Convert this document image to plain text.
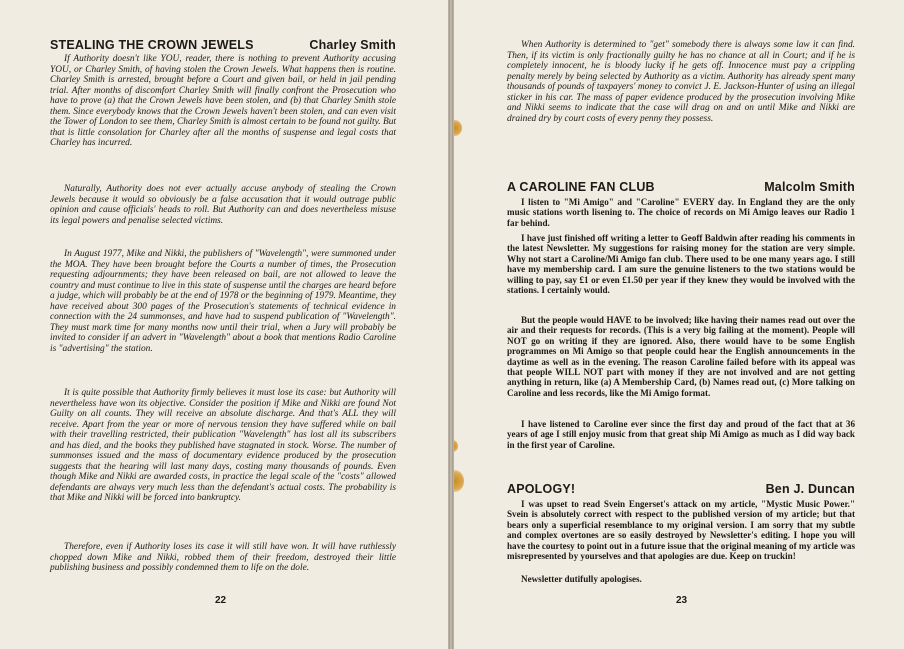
STEALING THE CROWN JEWELS	Charley Smith

If Authority doesn't like YOU, reader, there is nothing to prevent Authority accusing YOU, or Charley Smith, of having stolen the Crown Jewels. What happens then is routine. Charley Smith is arrested, brought before a Court and given bail, or held in jail pending trial. After months of discomfort Charley Smith will finally confront the Prosecution who have to prove (a) that the Crown Jewels have been stolen, and (b) that Charley Smith stole them. Since everybody knows that the Crown Jewels haven't been stolen, and can even visit the Tower of London to see them, Charley Smith is almost certain to be found not guilty. But that is little consolation for Charley after all the months of suspense and legal costs that Charley has incurred.

Naturally, Authority does not ever actually accuse anybody of stealing the Crown Jewels because it would so obviously be a false accusation that it would outrage public opinion and cause officials' heads to roll. But Authority can and does nevertheless misuse its legal powers and penalise selected victims.

In August 1977, Mike and Nikki, the publishers of "Wavelength", were summoned under the MOA. They have been brought before the Courts a number of times, the Prosecution requesting adjournments; they have been released on bail, are not allowed to leave the country and must continue to live in this state of suspense until the charges are heard before a judge, which will probably be at the end of 1978 or the beginning of 1979. Meantime, they have received about 300 pages of the Prosecution's statements of technical evidence in connection with the 24 summonses, and have had to suspend publication of "Wavelength". They must mark time for many months now until their trial, when a Jury will probably be invited to consider if an advert in "Wavelength" about a book that mentions Radio Caroline is "advertising" the station.

It is quite possible that Authority firmly believes it must lose its case: but Authority will nevertheless have won its objective. Consider the position if Mike and Nikki are found Not Guilty on all counts. They will receive an absolute discharge. And that's ALL they will receive. Apart from the year or more of nervous tension they have suffered while on bail with their travelling restricted, their publication "Wavelength" has lost all its subscribers and has died, and the books they published have stagnated in stock. Worse. The number of summonses issued and the mass of documentary evidence produced by the prosecution suggests that the hearing will last many days, costing many thousands of pounds. Even though Mike and Nikki are awarded costs, in practice the legal scale of the "costs" allowed defendants are always very much less than the defendant's actual costs. The probability is that Mike and Nikki will be forced into bankruptcy.

Therefore, even if Authority loses its case it will still have won. It will have ruthlessly chopped down Mike and Nikki, robbed them of their freedom, destroyed their little publishing business and possibly condemned them to life on the dole.

22

When Authority is determined to "get" somebody there is always some law it can find. Then, if its victim is only fractionally guilty he has no chance at all in Court; and if he is completely innocent, he is bloody lucky if he gets off. Innocence must pay a crippling penalty merely by being selected by Authority as a victim. Authority has already spent many thousands of pounds of taxpayers' money to convict J. E. Jackson-Hunter of using an illegal sticker in his car. The mass of paper evidence produced by the prosecution involving Mike and Nikki seems to indicate that the case will drag on and on until Mike and Nikki are drained dry by court costs of every penny they possess.

A CAROLINE FAN CLUB	Malcolm Smith

I listen to "Mi Amigo" and "Caroline" EVERY day. In England they are the only music stations worth lisening to. The choice of records on Mi Amigo leaves our Radio 1 far behind.

I have just finished off writing a letter to Geoff Baldwin after reading his comments in the latest Newsletter. My suggestions for raising money for the station are very simple. Why not start a Caroline/Mi Amigo fan club. There used to be one many years ago. I still have my membership card. I am sure the genuine listeners to the two stations would be willing to pay, say £1 or even £1.50 per year if they knew they would be involved with the stations. I certainly would.

But the people would HAVE to be involved; like having their names read out over the air and their requests for records. (This is a very big failing at the moment). People will NOT go on writing if they are ignored. Also, there would have to be some English programmes on Mi Amigo so that people could hear the English announcements in the daytime as well as in the evening. The reason Caroline failed before with its appeal was that people WILL NOT part with money if they are not involved and are not getting anything in return, like (a) A Membership Card, (b) Names read out, (c) More talking on Caroline and less records, like the Mi Amigo format.

I have listened to Caroline ever since the first day and proud of the fact that at 36 years of age I still enjoy music from that great ship Mi Amigo as much as I did way back in the first year of Caroline.

APOLOGY!	Ben J. Duncan

I was upset to read Svein Engerset's attack on my article, "Mystic Music Power." Svein is absolutely correct with respect to the published version of my article; but that bears only a superficial resemblance to my original version. I am sorry that my subtle and complex overtones are so easily destroyed by Newsletter's editing. I hope you will have the courtesy to point out in a future issue that the original meaning of my article was misrepresented by yourselves and that apologies are due. Keep on truckin!

Newsletter dutifully apologises.

23
